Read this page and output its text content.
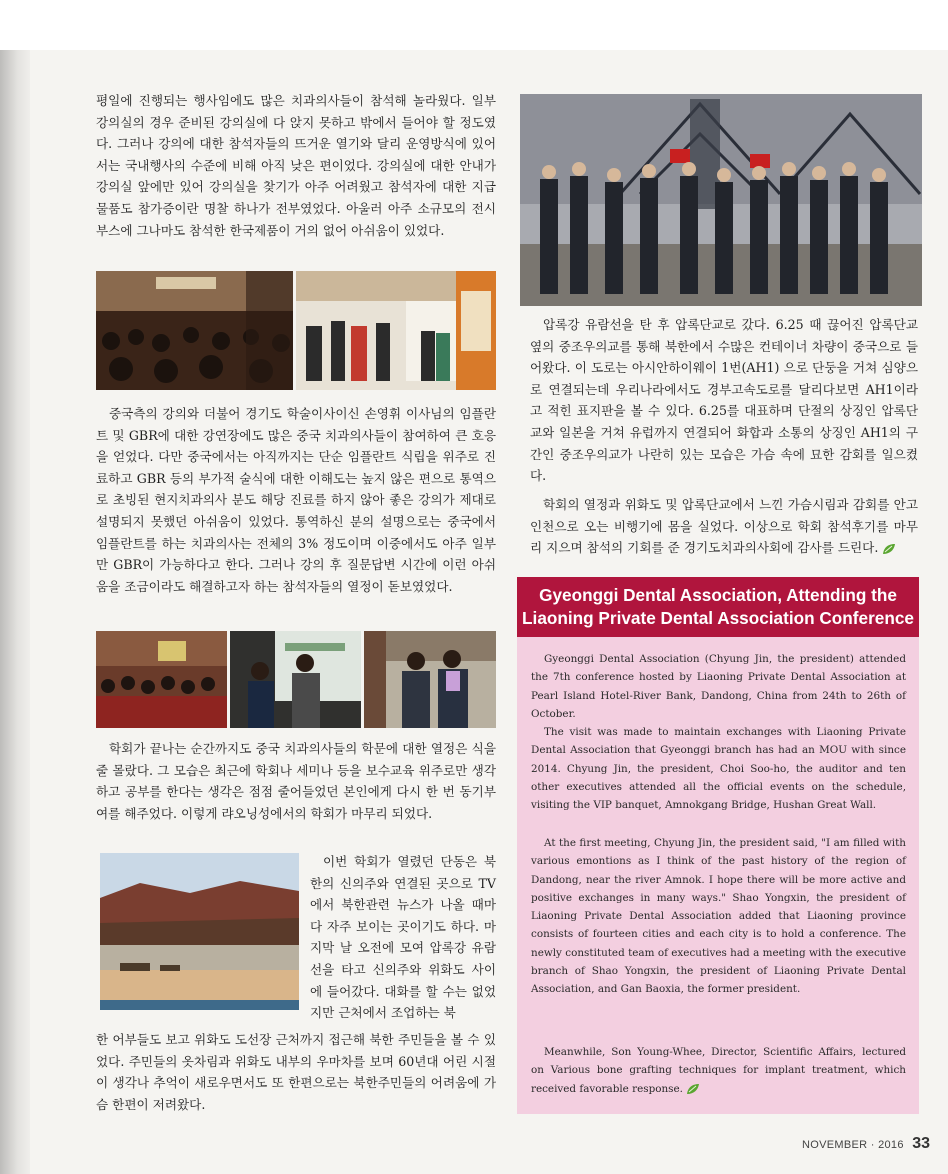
평일에 진행되는 행사임에도 많은 치과의사들이 참석해 놀라웠다. 일부 강의실의 경우 준비된 강의실에 다 앉지 못하고 밖에서 들어야 할 정도였다. 그러나 강의에 대한 참석자들의 뜨거운 열기와 달리 운영방식에 있어서는 국내행사의 수준에 비해 아직 낮은 편이었다. 강의실에 대한 안내가 강의실 앞에만 있어 강의실을 찾기가 아주 어려웠고 참석자에 대한 지급물품도 참가증이란 명찰 하나가 전부였었다. 아울러 아주 소규모의 전시부스에 그나마도 참석한 한국제품이 거의 없어 아쉬움이 있었다.

중국측의 강의와 더불어 경기도 학술이사이신 손영휘 이사님의 임플란트 및 GBR에 대한 강연장에도 많은 중국 치과의사들이 참여하여 큰 호응을 얻었다. 다만 중국에서는 아직까지는 단순 임플란트 식립을 위주로 진료하고 GBR 등의 부가적 술식에 대한 이해도는 높지 않은 편으로 통역으로 초빙된 현지치과의사 분도 해당 진료를 하지 않아 좋은 강의가 제대로 설명되지 못했던 아쉬움이 있었다. 통역하신 분의 설명으로는 중국에서 임플란트를 하는 치과의사는 전체의 3% 정도이며 이중에서도 아주 일부만 GBR이 가능하다고 한다. 그러나 강의 후 질문답변 시간에 이런 아쉬움을 조금이라도 해결하고자 하는 참석자들의 열정이 돋보였었다.

학회가 끝나는 순간까지도 중국 치과의사들의 학문에 대한 열정은 식을 줄 몰랐다. 그 모습은 최근에 학회나 세미나 등을 보수교육 위주로만 생각하고 공부를 한다는 생각은 점점 줄어들었던 본인에게 다시 한 번 동기부여를 해주었다. 이렇게 랴오닝성에서의 학회가 마무리 되었다.

이번 학회가 열렸던 단동은 북한의 신의주와 연결된 곳으로 TV에서 북한관련 뉴스가 나올 때마다 자주 보이는 곳이기도 하다. 마지막 날 오전에 모여 압록강 유람선을 타고 신의주와 위화도 사이에 들어갔다. 대화를 할 수는 없었지만 근처에서 조업하는 북

한 어부들도 보고 위화도 도선장 근처까지 접근해 북한 주민들을 볼 수 있었다. 주민들의 옷차림과 위화도 내부의 우마차를 보며 60년대 어린 시절이 생각나 추억이 새로우면서도 또 한편으로는 북한주민들의 어려움에 가슴 한편이 저려왔다.

압록강 유람선을 탄 후 압록단교로 갔다. 6.25 때 끊어진 압록단교 옆의 중조우의교를 통해 북한에서 수많은 컨테이너 차량이 중국으로 들어왔다. 이 도로는 아시안하이웨이 1번(AH1) 으로 단둥을 거쳐 심양으로 연결되는데 우리나라에서도 경부고속도로를 달리다보면 AH1이라고 적힌 표지판을 볼 수 있다. 6.25를 대표하며 단절의 상징인 압록단교와 일본을 거쳐 유럽까지 연결되어 화합과 소통의 상징인 AH1의 구간인 중조우의교가 나란히 있는 모습은 가슴 속에 묘한 감회를 일으켰다.

학회의 열정과 위화도 및 압록단교에서 느낀 가슴시림과 감회를 안고 인천으로 오는 비행기에 몸을 실었다. 이상으로 학회 참석후기를 마무리 지으며 참석의 기회를 준 경기도치과의사회에 감사를 드린다.

Gyeonggi Dental Association, Attending the
Liaoning Private Dental Association Conference

Gyeonggi Dental Association (Chyung Jin, the president) attended the 7th conference hosted by Liaoning Private Dental Association at Pearl Island Hotel-River Bank, Dandong, China from 24th to 26th of October.

The visit was made to maintain exchanges with Liaoning Private Dental Association that Gyeonggi branch has had an MOU with since 2014. Chyung Jin, the president, Choi Soo-ho, the auditor and ten other executives attended all the official events on the schedule, visiting the VIP banquet, Amnokgang Bridge, Hushan Great Wall.

At the first meeting, Chyung Jin, the president said, "I am filled with various emontions as I think of the past history of the region of Dandong, near the river Amnok. I hope there will be more active and positive exchanges in many ways." Shao Yongxin, the president of Liaoning Private Dental Association added that Liaoning province consists of fourteen cities and each city is to hold a conference. The newly constituted team of executives had a meeting with the executive branch of Shao Yongxin, the president of Liaoning Private Dental Association, and Gan Baoxia, the former president.

Meanwhile, Son Young-Whee, Director, Scientific Affairs, lectured on Various bone grafting techniques for implant treatment, which received favorable response.

NOVEMBER · 2016 33
